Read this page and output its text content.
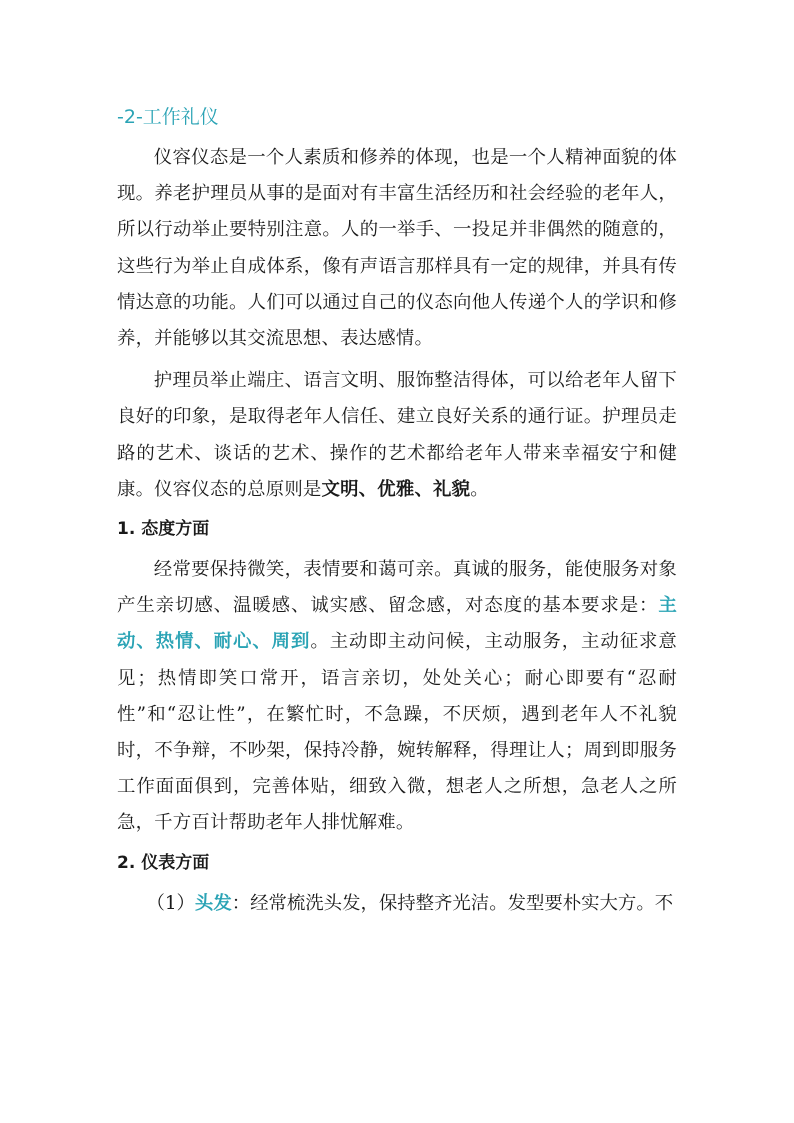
-2-工作礼仪

仪容仪态是一个人素质和修养的体现，也是一个人精神面貌的体现。养老护理员从事的是面对有丰富生活经历和社会经验的老年人，所以行动举止要特别注意。人的一举手、一投足并非偶然的随意的，这些行为举止自成体系，像有声语言那样具有一定的规律，并具有传情达意的功能。人们可以通过自己的仪态向他人传递个人的学识和修养，并能够以其交流思想、表达感情。

护理员举止端庄、语言文明、服饰整洁得体，可以给老年人留下良好的印象，是取得老年人信任、建立良好关系的通行证。护理员走路的艺术、谈话的艺术、操作的艺术都给老年人带来幸福安宁和健康。仪容仪态的总原则是文明、优雅、礼貌。

1. 态度方面

经常要保持微笑，表情要和蔼可亲。真诚的服务，能使服务对象产生亲切感、温暖感、诚实感、留念感，对态度的基本要求是：主动、热情、耐心、周到。主动即主动问候，主动服务，主动征求意见；热情即笑口常开，语言亲切，处处关心；耐心即要有“忍耐性”和“忍让性”，在繁忙时，不急躁，不厌烦，遇到老年人不礼貌时，不争辩，不吵架，保持冷静，婉转解释，得理让人；周到即服务工作面面俱到，完善体贴，细致入微，想老人之所想，急老人之所急，千方百计帮助老年人排忧解难。

2. 仪表方面

（1）头发：经常梳洗头发，保持整齐光洁。发型要朴实大方。不
